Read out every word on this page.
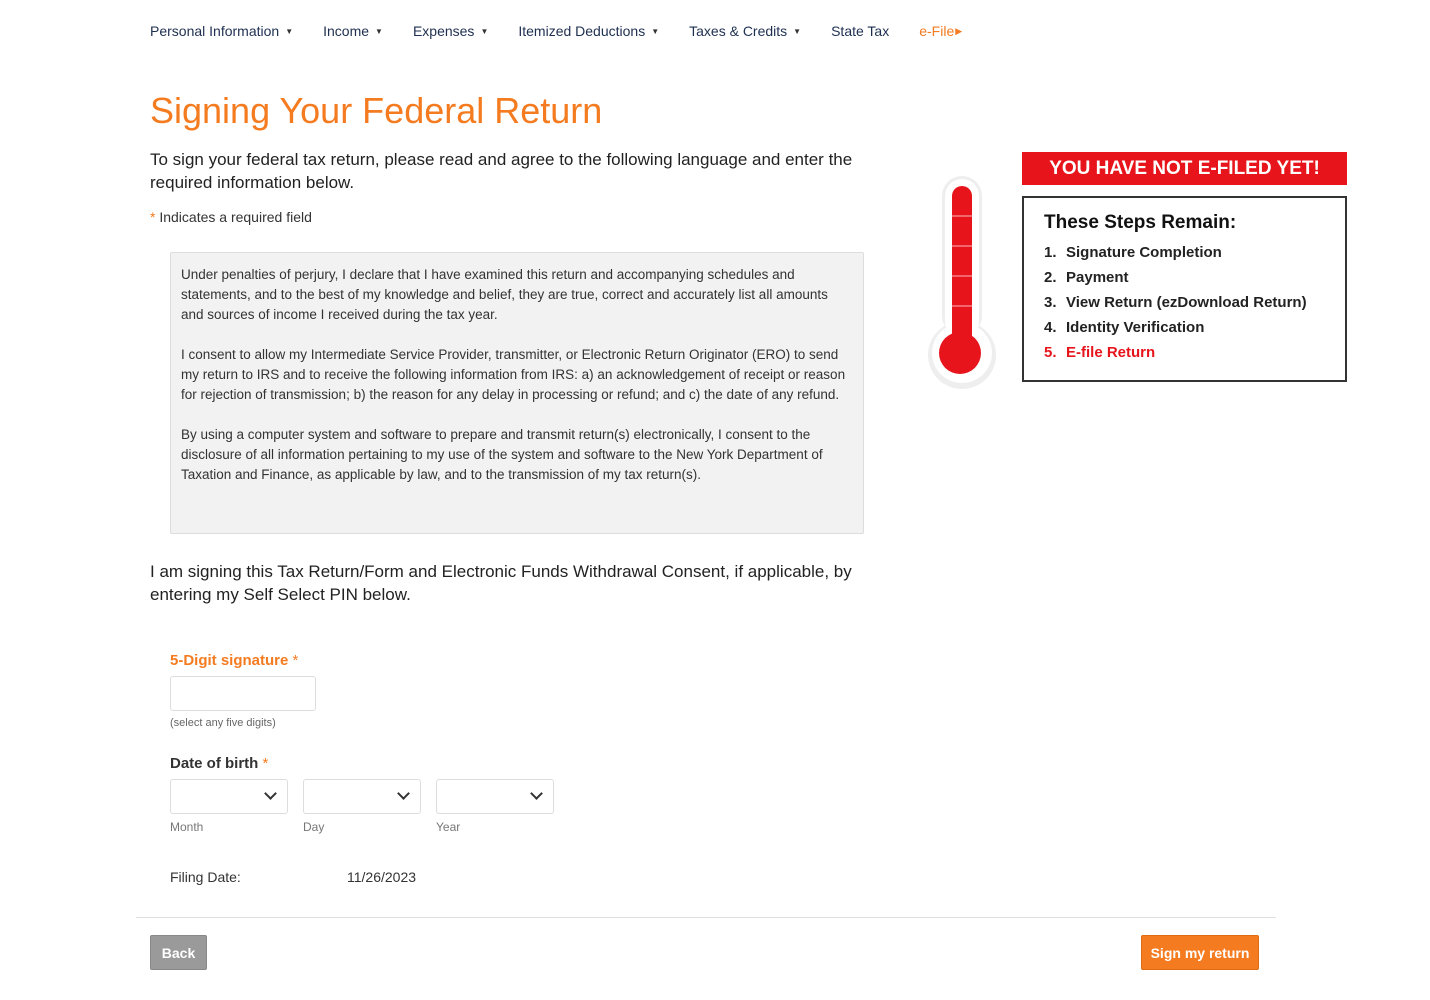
Personal Information ▼ Income ▼ Expenses ▼ Itemized Deductions ▼ Taxes & Credits ▼ State Tax e-File ▶
Signing Your Federal Return
To sign your federal tax return, please read and agree to the following language and enter the required information below.
* Indicates a required field

Under penalties of perjury, I declare that I have examined this return and accompanying schedules and statements, and to the best of my knowledge and belief, they are true, correct and accurately list all amounts and sources of income I received during the tax year.

I consent to allow my Intermediate Service Provider, transmitter, or Electronic Return Originator (ERO) to send my return to IRS and to receive the following information from IRS: a) an acknowledgement of receipt or reason for rejection of transmission; b) the reason for any delay in processing or refund; and c) the date of any refund.

By using a computer system and software to prepare and transmit return(s) electronically, I consent to the disclosure of all information pertaining to my use of the system and software to the New York Department of Taxation and Finance, as applicable by law, and to the transmission of my tax return(s).

I am signing this Tax Return/Form and Electronic Funds Withdrawal Consent, if applicable, by entering my Self Select PIN below.
5-Digit signature *
(select any five digits)
Date of birth *
Month	Day	Year
Filing Date:	11/26/2023
Back	Sign my return
YOU HAVE NOT E-FILED YET!
These Steps Remain:
1. Signature Completion
2. Payment
3. View Return (ezDownload Return)
4. Identity Verification
5. E-file Return
